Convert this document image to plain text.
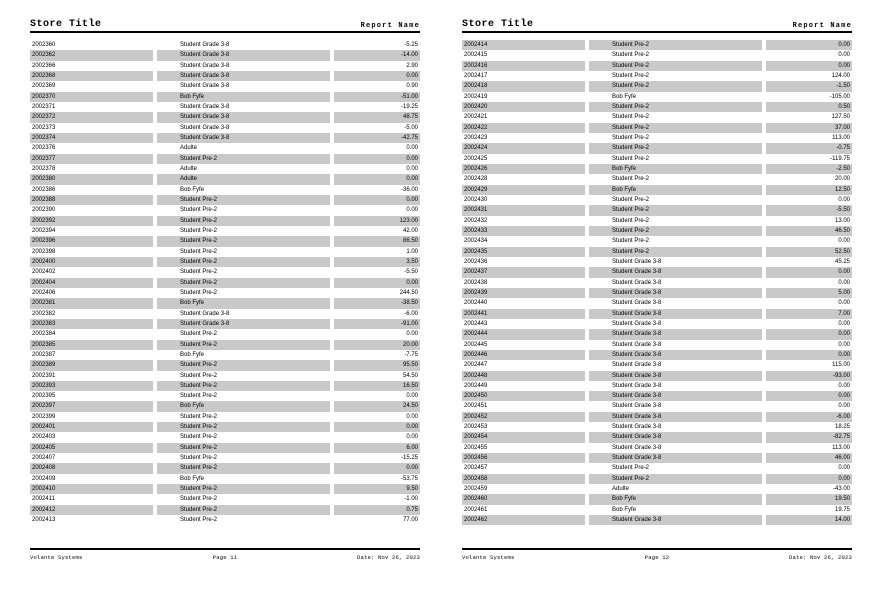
Store Title	Report Name
2002360	Student Grade 3-8	-5.25
2002362	Student Grade 3-8	-14.00
2002366	Student Grade 3-8	2.90
2002368	Student Grade 3-8	0.00
2002369	Student Grade 3-8	0.90
2002370	Bob Fyfe	-51.00
2002371	Student Grade 3-8	-19.25
2002372	Student Grade 3-8	48.75
2002373	Student Grade 3-8	-5.00
2002374	Student Grade 3-8	-42.75
2002376	Adulte	0.00
2002377	Student Pre-2	0.00
2002378	Adulte	0.00
2002380	Adulte	0.00
2002386	Bob Fyfe	-36.00
2002388	Student Pre-2	0.00
2002390	Student Pre-2	0.00
2002392	Student Pre-2	123.00
2002394	Student Pre-2	42.00
2002396	Student Pre-2	86.50
2002398	Student Pre-2	1.00
2002400	Student Pre-2	3.50
2002402	Student Pre-2	-5.50
2002404	Student Pre-2	0.00
2002406	Student Pre-2	244.50
2002381	Bob Fyfe	-38.50
2002382	Student Grade 3-8	-6.00
2002383	Student Grade 3-8	-91.00
2002384	Student Pre-2	0.00
2002385	Student Pre-2	20.00
2002387	Bob Fyfe	-7.75
2002389	Student Pre-2	95.50
2002391	Student Pre-2	54.50
2002393	Student Pre-2	16.50
2002395	Student Pre-2	0.00
2002397	Bob Fyfe	24.50
2002399	Student Pre-2	0.00
2002401	Student Pre-2	0.00
2002403	Student Pre-2	0.00
2002405	Student Pre-2	6.00
2002407	Student Pre-2	-15.25
2002408	Student Pre-2	0.00
2002409	Bob Fyfe	-53.75
2002410	Student Pre-2	9.50
2002411	Student Pre-2	-1.00
2002412	Student Pre-2	0.75
2002413	Student Pre-2	77.00
Volante Systems	Page 11	Date: Nov 26, 2023
Store Title	Report Name
2002414	Student Pre-2	0.00
2002415	Student Pre-2	0.00
2002416	Student Pre-2	0.00
2002417	Student Pre-2	124.00
2002418	Student Pre-2	-1.50
2002419	Bob Fyfe	-105.00
2002420	Student Pre-2	0.50
2002421	Student Pre-2	127.50
2002422	Student Pre-2	37.00
2002423	Student Pre-2	113.00
2002424	Student Pre-2	-0.75
2002425	Student Pre-2	-119.75
2002426	Bob Fyfe	-2.50
2002428	Student Pre-2	20.00
2002429	Bob Fyfe	12.50
2002430	Student Pre-2	0.00
2002431	Student Pre-2	-5.50
2002432	Student Pre-2	13.00
2002433	Student Pre-2	46.50
2002434	Student Pre-2	0.00
2002435	Student Pre-2	52.50
2002436	Student Grade 3-8	45.25
2002437	Student Grade 3-8	0.00
2002438	Student Grade 3-8	0.00
2002439	Student Grade 3-8	5.00
2002440	Student Grade 3-8	0.00
2002441	Student Grade 3-8	7.00
2002443	Student Grade 3-8	0.00
2002444	Student Grade 3-8	0.00
2002445	Student Grade 3-8	0.00
2002446	Student Grade 3-8	0.00
2002447	Student Grade 3-8	115.00
2002448	Student Grade 3-8	-93.00
2002449	Student Grade 3-8	0.00
2002450	Student Grade 3-8	0.00
2002451	Student Grade 3-8	0.00
2002452	Student Grade 3-8	-6.00
2002453	Student Grade 3-8	18.25
2002454	Student Grade 3-8	-82.75
2002455	Student Grade 3-8	113.00
2002456	Student Grade 3-8	46.00
2002457	Student Pre-2	0.00
2002458	Student Pre-2	0.00
2002459	Adulte	-43.00
2002460	Bob Fyfe	19.50
2002461	Bob Fyfe	19.75
2002462	Student Grade 3-8	14.00
Volante Systems	Page 12	Date: Nov 26, 2023
